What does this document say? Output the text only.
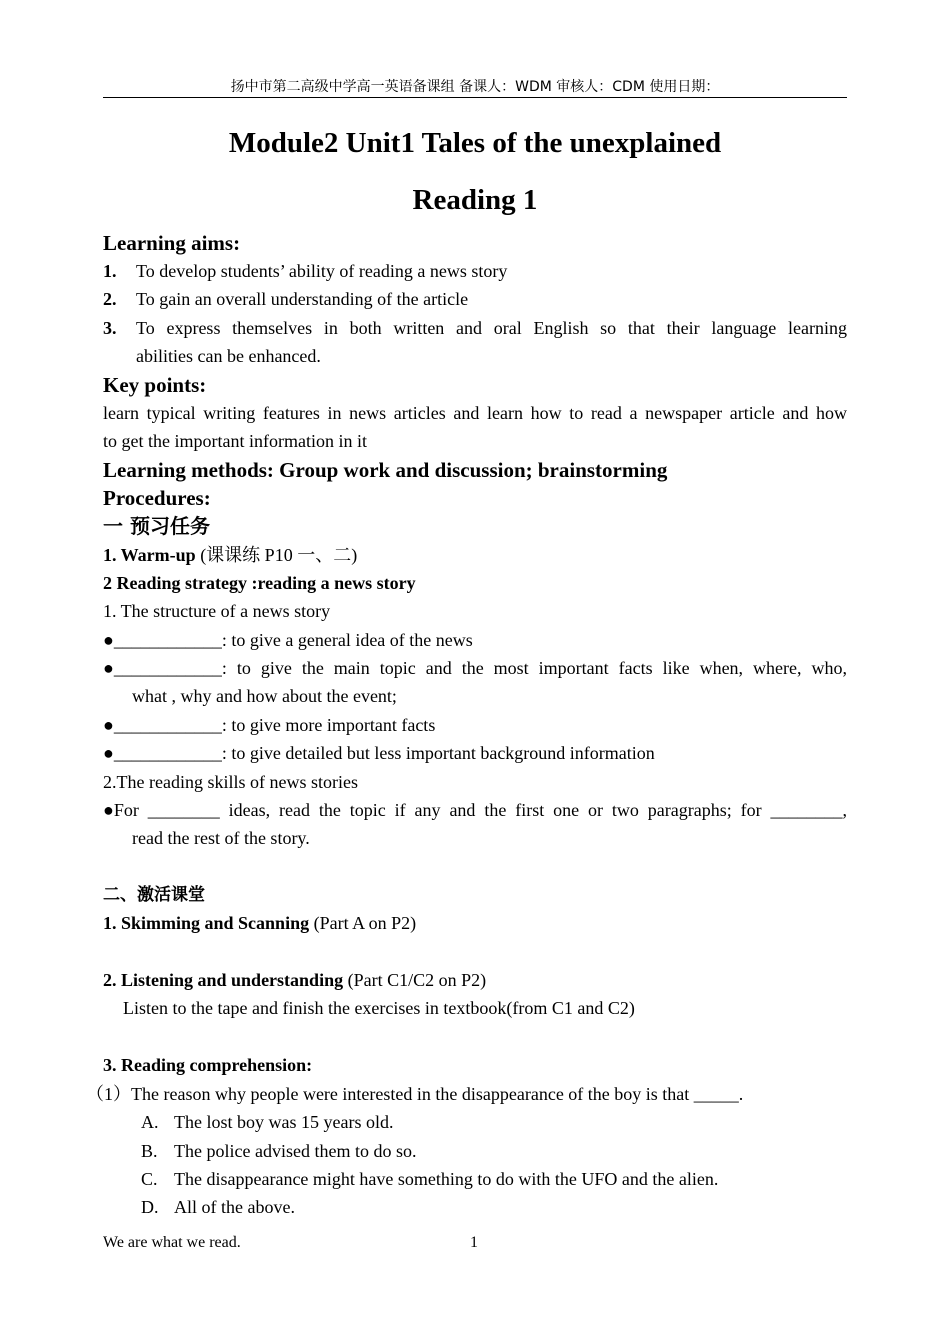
扬中市第二高级中学高一英语备课组 备课人：WDM 审核人：CDM 使用日期：
Module2 Unit1 Tales of the unexplained
Reading 1
Learning aims:
1. To develop students’ ability of reading a news story
2. To gain an overall understanding of the article
3. To express themselves in both written and oral English so that their language learning
abilities can be enhanced.
Key points:
learn typical writing features in news articles and learn how to read a newspaper article and how
to get the important information in it
Learning methods: Group work and discussion; brainstorming
Procedures:
一 预习任务
1. Warm-up (课课练 P10 一、二)
2 Reading strategy :reading a news story
1. The structure of a news story
●____________: to give a general idea of the news
● ____________: to give the main topic and the most important facts like when, where, who,
what , why and how about the event;
●____________: to give more important facts
●____________: to give detailed but less important background information
2.The reading skills of news stories
● For ________ ideas, read the topic if any and the first one or two paragraphs; for ________,
read the rest of the story.
二、激活课堂
1. Skimming and Scanning (Part A on P2)
2. Listening and understanding (Part C1/C2 on P2)
Listen to the tape and finish the exercises in textbook(from C1 and C2)
3. Reading comprehension:
（1）The reason why people were interested in the disappearance of the boy is that _____.
A. The lost boy was 15 years old.
B. The police advised them to do so.
C. The disappearance might have something to do with the UFO and the alien.
D. All of the above.
We are what we read.	1
